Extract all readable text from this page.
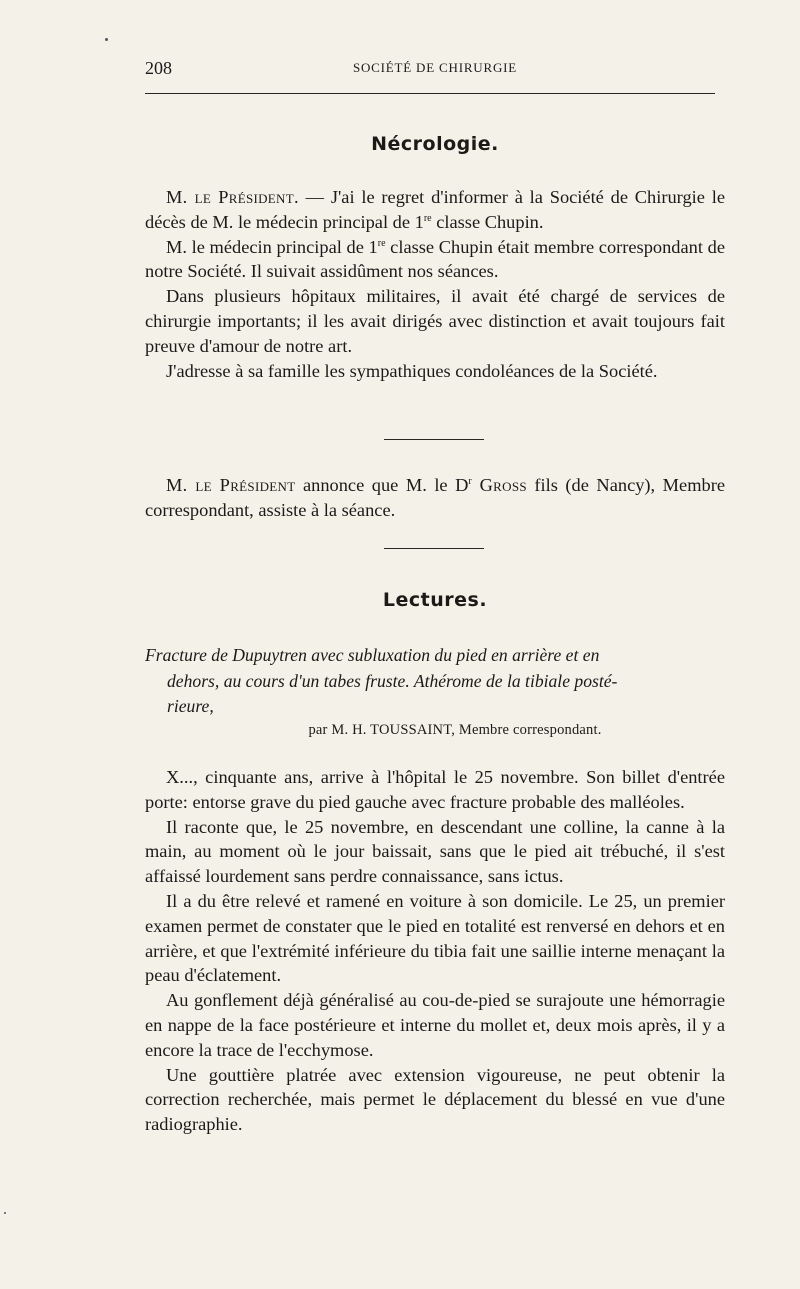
208	SOCIÉTÉ DE CHIRURGIE
Nécrologie.

M. le Président. — J'ai le regret d'informer à la Société de Chirurgie le décès de M. le médecin principal de 1re classe Chupin.

M. le médecin principal de 1re classe Chupin était membre correspondant de notre Société. Il suivait assidûment nos séances.

Dans plusieurs hôpitaux militaires, il avait été chargé de services de chirurgie importants; il les avait dirigés avec distinction et avait toujours fait preuve d'amour de notre art.

J'adresse à sa famille les sympathiques condoléances de la Société.

M. le Président annonce que M. le $D^r$ Gross fils (de Nancy), Membre correspondant, assiste à la séance.

Lectures.
Fracture de Dupuytren avec subluxation du pied en arrière et en
dehors, au cours d'un tabes fruste. Athérome de la tibiale posté-
rieure,
par M. H. TOUSSAINT, Membre correspondant.

X..., cinquante ans, arrive à l'hôpital le 25 novembre. Son billet d'entrée porte: entorse grave du pied gauche avec fracture probable des malléoles.

Il raconte que, le 25 novembre, en descendant une colline, la canne à la main, au moment où le jour baissait, sans que le pied ait trébuché, il s'est affaissé lourdement sans perdre connaissance, sans ictus.

Il a du être relevé et ramené en voiture à son domicile. Le 25, un premier examen permet de constater que le pied en totalité est renversé en dehors et en arrière, et que l'extrémité inférieure du tibia fait une saillie interne menaçant la peau d'éclatement.

Au gonflement déjà généralisé au cou-de-pied se surajoute une hémorragie en nappe de la face postérieure et interne du mollet et, deux mois après, il y a encore la trace de l'ecchymose.

Une gouttière platrée avec extension vigoureuse, ne peut obtenir la correction recherchée, mais permet le déplacement du blessé en vue d'une radiographie.
